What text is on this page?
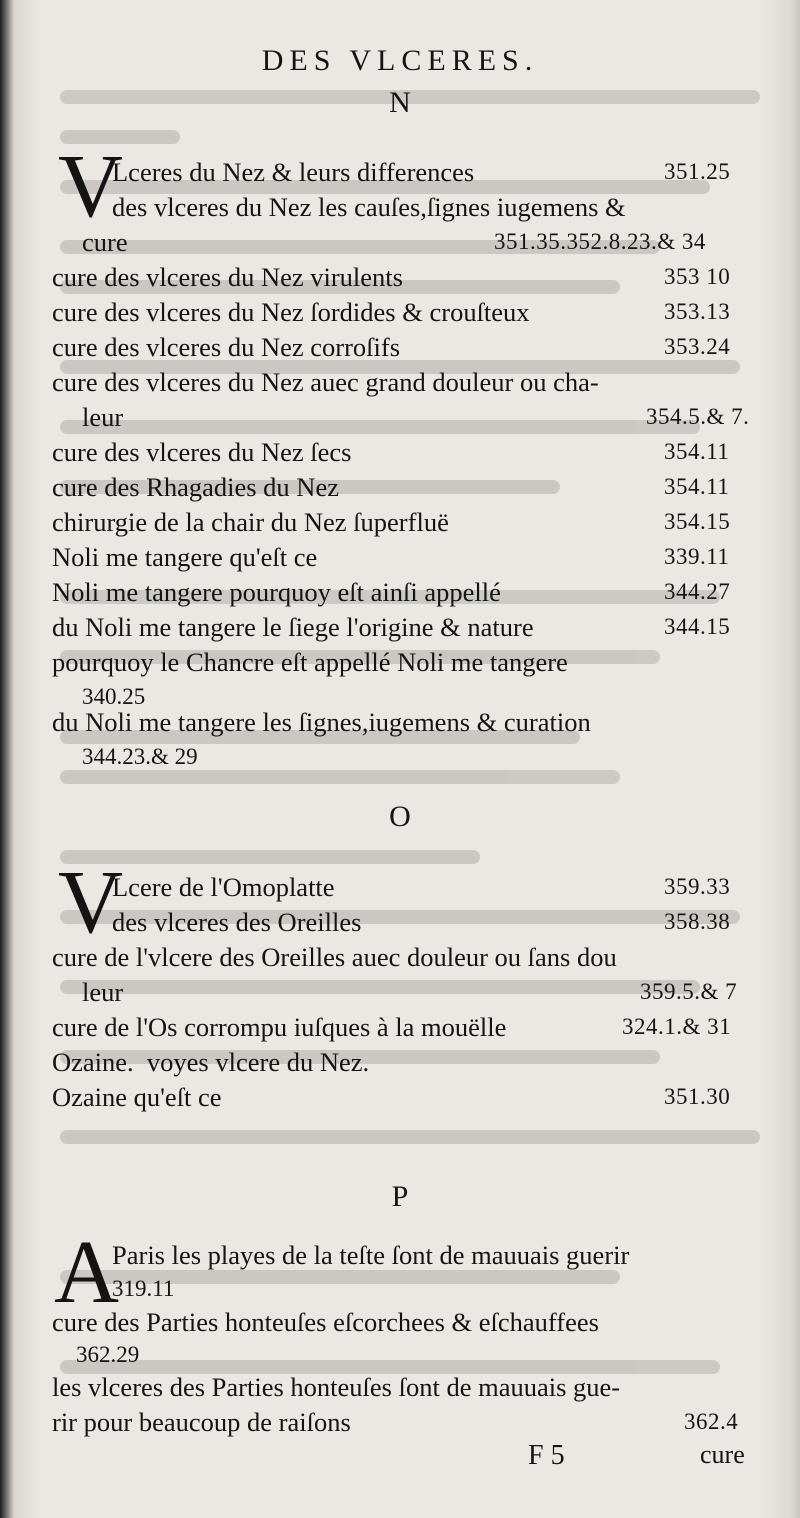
DES VLCERES.
N
V
Lceres du Nez & leurs differences	351.25
des vlceres du Nez les cauſes,ſignes iugemens &
cure	351.35.352.8.23.& 34
cure des vlceres du Nez virulents	353 10
cure des vlceres du Nez ſordides & crouſteux	353.13
cure des vlceres du Nez corroſifs	353.24
cure des vlceres du Nez auec grand douleur ou cha-
leur	354.5.& 7.
cure des vlceres du Nez ſecs	354.11
cure des Rhagadies du Nez	354.11
chirurgie de la chair du Nez ſuperfluë	354.15
Noli me tangere qu'eſt ce	339.11
Noli me tangere pourquoy eſt ainſi appellé	344.27
du Noli me tangere le ſiege l'origine & nature	344.15
pourquoy le Chancre eſt appellé Noli me tangere
340.25
du Noli me tangere les ſignes,iugemens & curation
344.23.& 29
O
V
Lcere de l'Omoplatte	359.33
des vlceres des Oreilles	358.38
cure de l'vlcere des Oreilles auec douleur ou ſans dou
leur	359.5.& 7
cure de l'Os corrompu iuſques à la mouëlle	324.1.& 31
Ozaine.  voyes vlcere du Nez.
Ozaine qu'eſt ce	351.30
P
A
Paris les playes de la teſte ſont de mauuais guerir
319.11
cure des Parties honteuſes eſcorchees & eſchauffees
362.29
les vlceres des Parties honteuſes ſont de mauuais gue-
rir pour beaucoup de raiſons	362.4
F 5	cure
